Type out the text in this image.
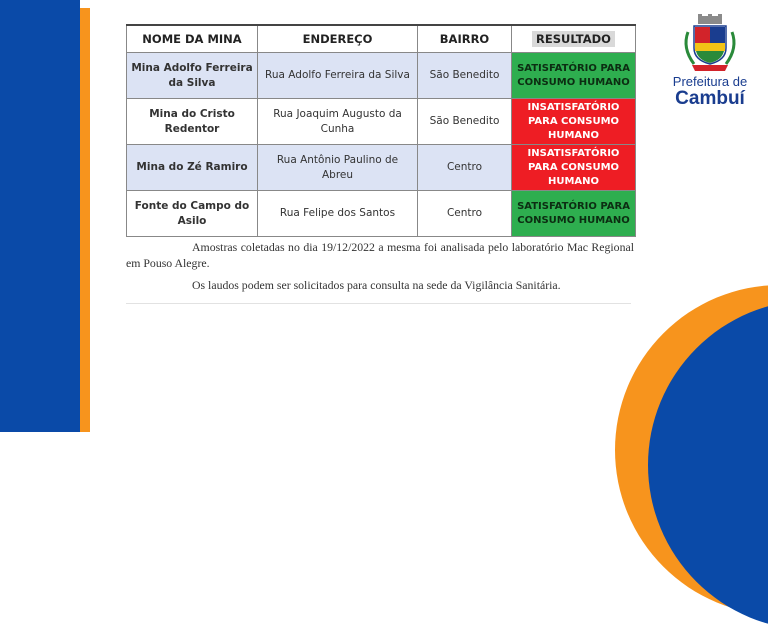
Prefeitura de
Cambuí
NOME DA MINA	ENDEREÇO	BAIRRO	RESULTADO
Mina Adolfo Ferreira da Silva	Rua Adolfo Ferreira da Silva	São Benedito	SATISFATÓRIO PARA CONSUMO HUMANO
Mina do Cristo Redentor	Rua Joaquim Augusto da Cunha	São Benedito	INSATISFATÓRIO PARA CONSUMO HUMANO
Mina do Zé Ramiro	Rua Antônio Paulino de Abreu	Centro	INSATISFATÓRIO PARA CONSUMO HUMANO
Fonte do Campo do Asilo	Rua Felipe dos Santos	Centro	SATISFATÓRIO PARA CONSUMO HUMANO
Amostras coletadas no dia 19/12/2022 a mesma foi analisada pelo laboratório Mac Regional em Pouso Alegre.
Os laudos podem ser solicitados para consulta na sede da Vigilância Sanitária.
